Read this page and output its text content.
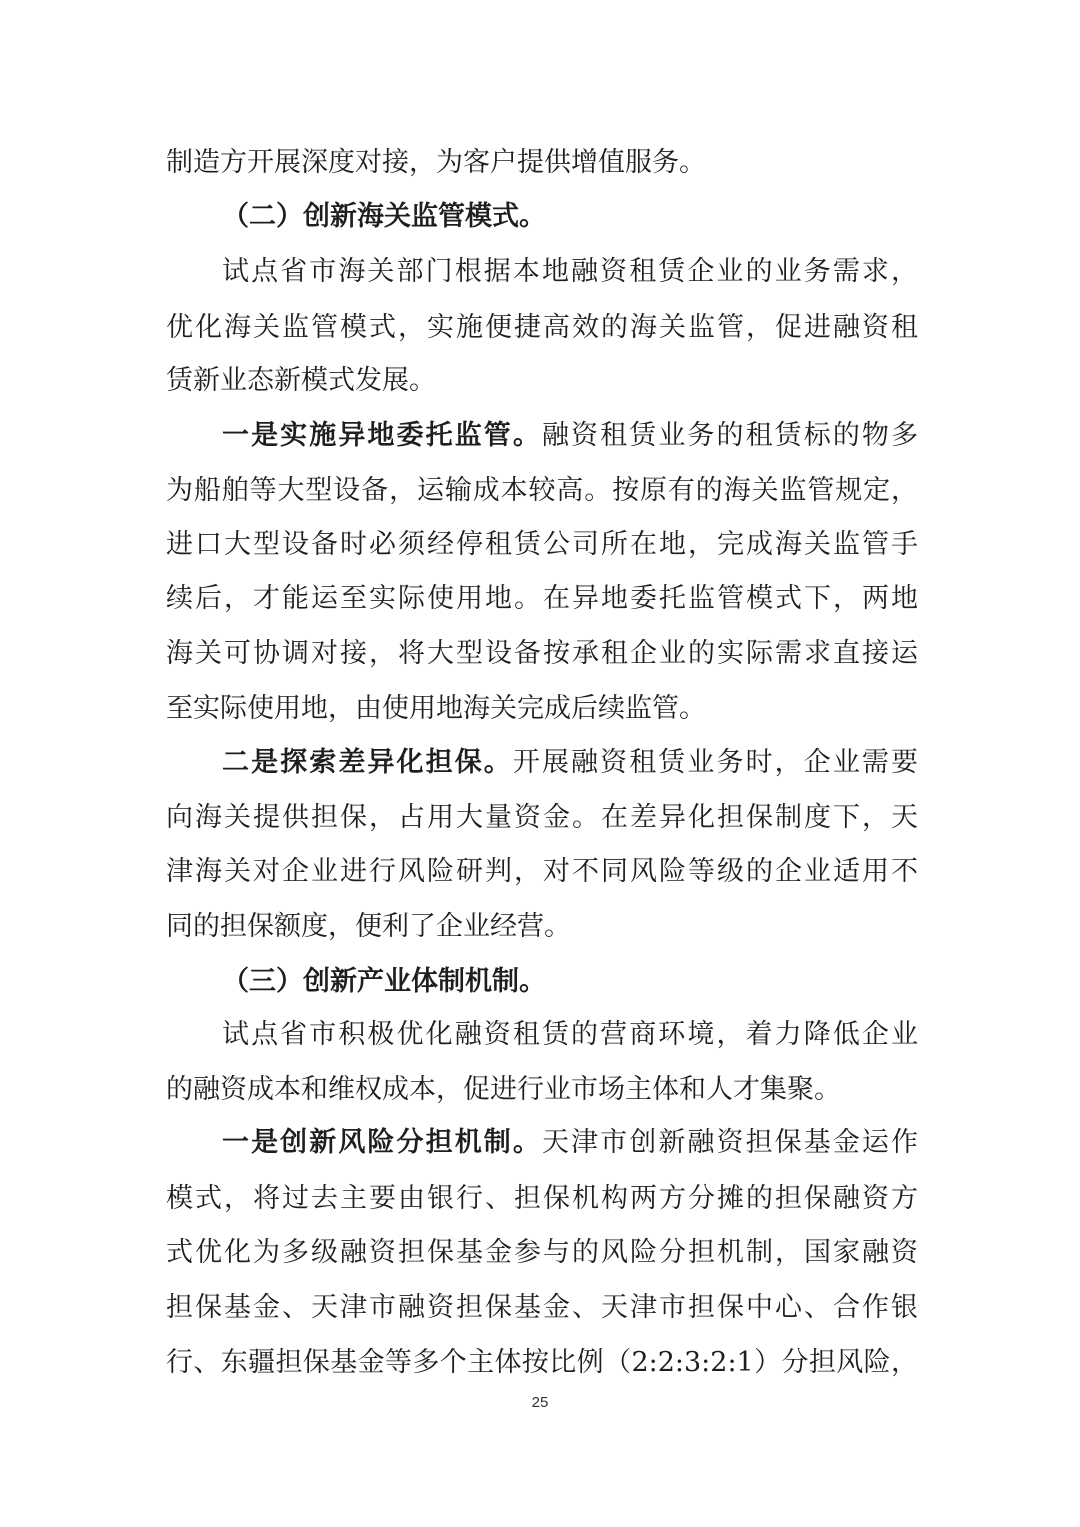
制造方开展深度对接，为客户提供增值服务。
（二）创新海关监管模式。
试点省市海关部门根据本地融资租赁企业的业务需求，
优化海关监管模式，实施便捷高效的海关监管，促进融资租
赁新业态新模式发展。
一是实施异地委托监管。融资租赁业务的租赁标的物多
为船舶等大型设备，运输成本较高。按原有的海关监管规定，
进口大型设备时必须经停租赁公司所在地，完成海关监管手
续后，才能运至实际使用地。在异地委托监管模式下，两地
海关可协调对接，将大型设备按承租企业的实际需求直接运
至实际使用地，由使用地海关完成后续监管。
二是探索差异化担保。开展融资租赁业务时，企业需要
向海关提供担保，占用大量资金。在差异化担保制度下，天
津海关对企业进行风险研判，对不同风险等级的企业适用不
同的担保额度，便利了企业经营。
（三）创新产业体制机制。
试点省市积极优化融资租赁的营商环境，着力降低企业
的融资成本和维权成本，促进行业市场主体和人才集聚。
一是创新风险分担机制。天津市创新融资担保基金运作
模式，将过去主要由银行、担保机构两方分摊的担保融资方
式优化为多级融资担保基金参与的风险分担机制，国家融资
担保基金、天津市融资担保基金、天津市担保中心、合作银
行、东疆担保基金等多个主体按比例（2:2:3:2:1）分担风险，
25
